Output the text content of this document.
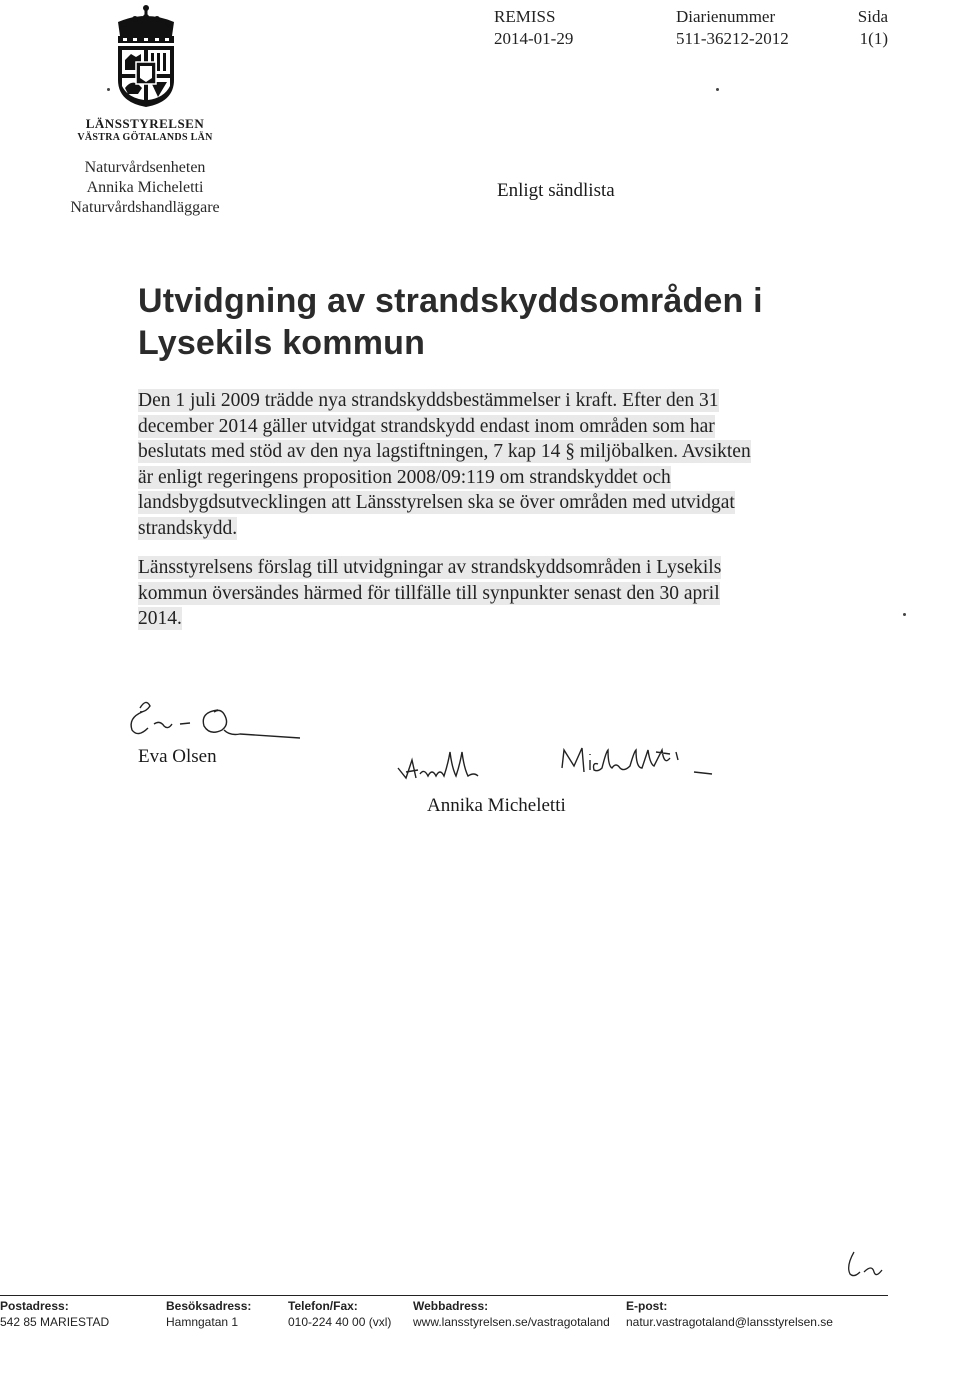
LÄNSSTYRELSEN
VÄSTRA GÖTALANDS LÄN
Naturvårdsenheten
Annika Micheletti
Naturvårdshandläggare
REMISS
2014-01-29
Diarienummer
511-36212-2012
Sida
1(1)
Enligt sändlista
Utvidgning av strandskyddsområden i
Lysekils kommun
Den 1 juli 2009 trädde nya strandskyddsbestämmelser i kraft. Efter den 31 december 2014 gäller utvidgat strandskydd endast inom områden som har beslutats med stöd av den nya lagstiftningen, 7 kap 14 § miljöbalken. Avsikten är enligt regeringens proposition 2008/09:119 om strandskyddet och landsbygdsutvecklingen att Länsstyrelsen ska se över områden med utvidgat strandskydd.
Länsstyrelsens förslag till utvidgningar av strandskyddsområden i Lysekils kommun översändes härmed för tillfälle till synpunkter senast den 30 april 2014.
Eva Olsen
Annika Micheletti
Postadress:
542 85 MARIESTAD
Besöksadress:
Hamngatan 1
Telefon/Fax:
010-224 40 00 (vxl)
Webbadress:
www.lansstyrelsen.se/vastragotaland
E-post:
natur.vastragotaland@lansstyrelsen.se
